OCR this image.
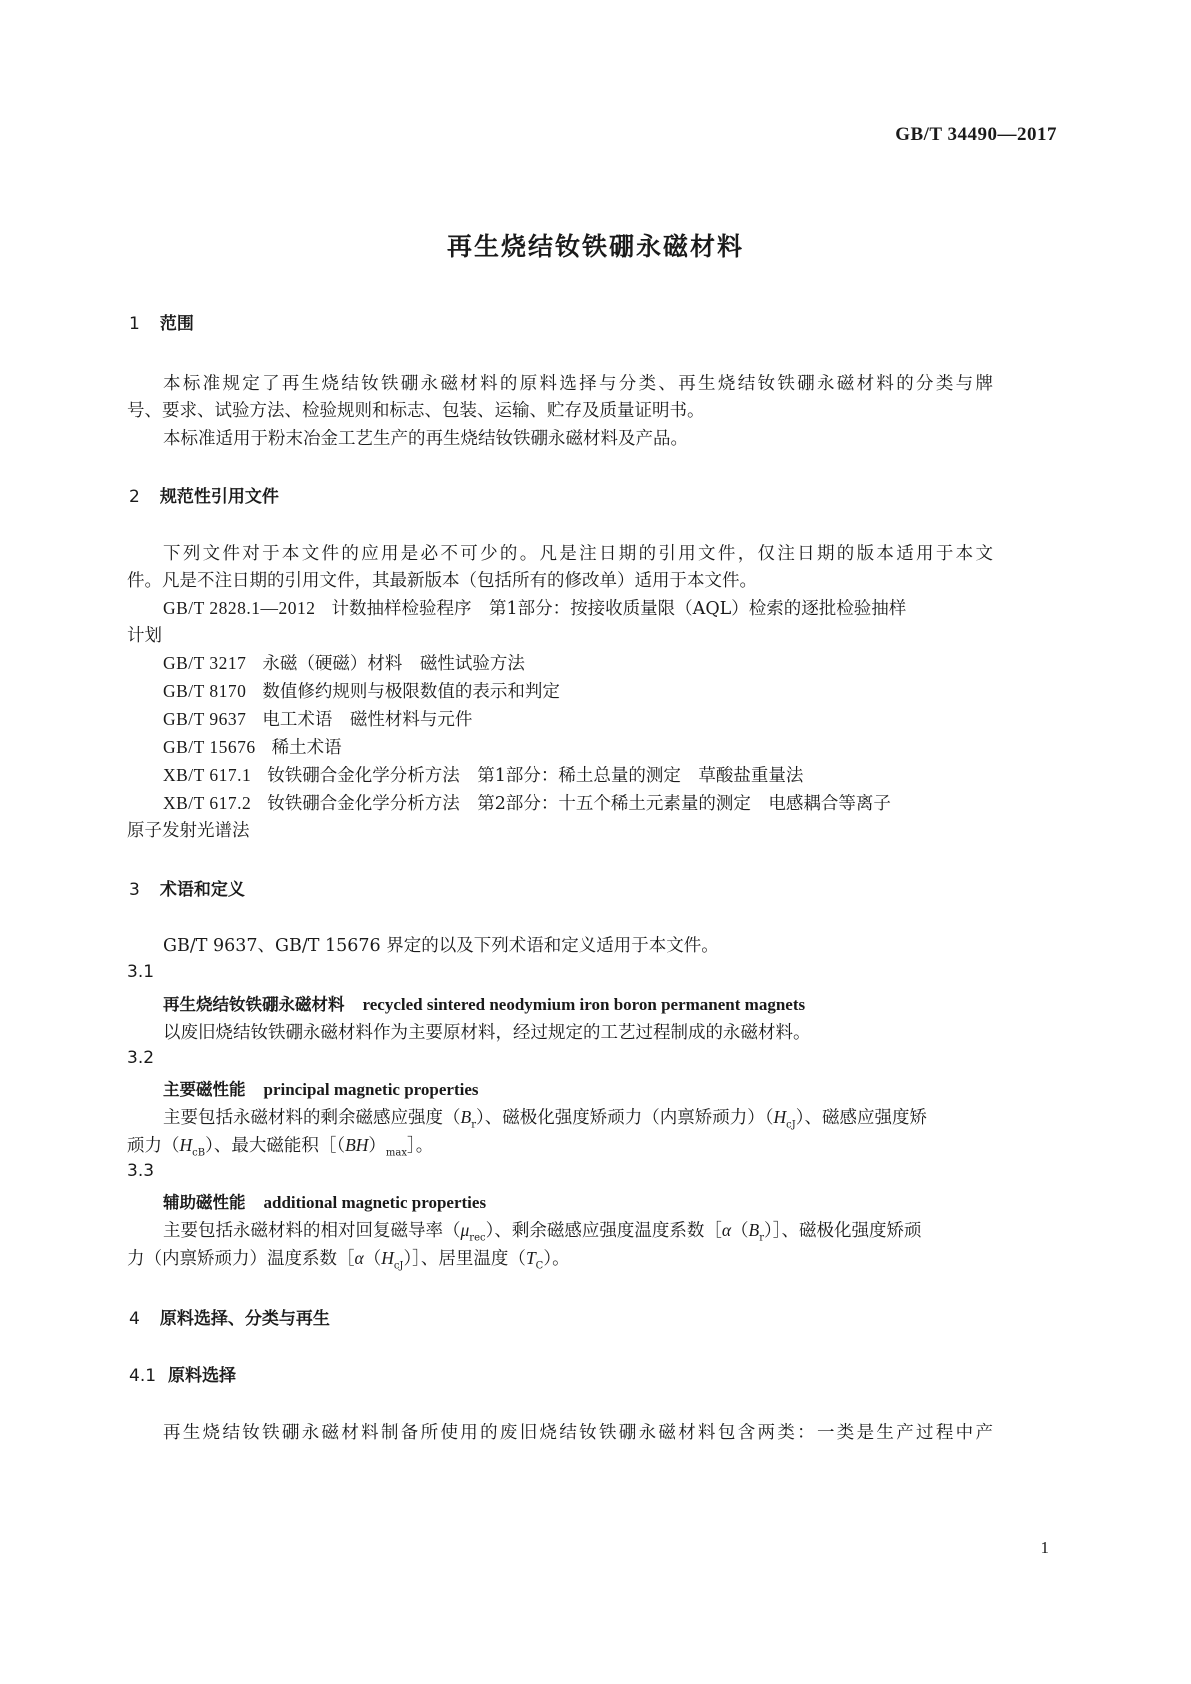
GB/T 34490—2017
再生烧结钕铁硼永磁材料
1 范围
本标准规定了再生烧结钕铁硼永磁材料的原料选择与分类、再生烧结钕铁硼永磁材料的分类与牌
号、要求、试验方法、检验规则和标志、包装、运输、贮存及质量证明书。
本标准适用于粉末冶金工艺生产的再生烧结钕铁硼永磁材料及产品。
2 规范性引用文件
下列文件对于本文件的应用是必不可少的。凡是注日期的引用文件，仅注日期的版本适用于本文
件。凡是不注日期的引用文件，其最新版本（包括所有的修改单）适用于本文件。
GB/T 2828.1—2012 计数抽样检验程序　第1部分：按接收质量限（AQL）检索的逐批检验抽样
计划
GB/T 3217 永磁（硬磁）材料　磁性试验方法
GB/T 8170 数值修约规则与极限数值的表示和判定
GB/T 9637 电工术语　磁性材料与元件
GB/T 15676 稀土术语
XB/T 617.1 钕铁硼合金化学分析方法　第1部分：稀土总量的测定　草酸盐重量法
XB/T 617.2 钕铁硼合金化学分析方法　第2部分：十五个稀土元素量的测定　电感耦合等离子
原子发射光谱法
3 术语和定义
GB/T 9637、GB/T 15676 界定的以及下列术语和定义适用于本文件。
3.1
再生烧结钕铁硼永磁材料 recycled sintered neodymium iron boron permanent magnets
以废旧烧结钕铁硼永磁材料作为主要原材料，经过规定的工艺过程制成的永磁材料。
3.2
主要磁性能 principal magnetic properties
主要包括永磁材料的剩余磁感应强度$(B_r)$、磁极化强度矫顽力（内禀矫顽力）$(H_{cJ})$、磁感应强度矫
顽力$(H_{cB})$、最大磁能积$[(BH)_{max}]$。
3.3
辅助磁性能 additional magnetic properties
主要包括永磁材料的相对回复磁导率$(\mu_{rec})$、剩余磁感应强度温度系数$[\alpha(B_r)]$、磁极化强度矫顽
力（内禀矫顽力）温度系数$[\alpha(H_{cJ})]$、居里温度$(T_C)$。
4 原料选择、分类与再生
4.1 原料选择
再生烧结钕铁硼永磁材料制备所使用的废旧烧结钕铁硼永磁材料包含两类：一类是生产过程中产
1
